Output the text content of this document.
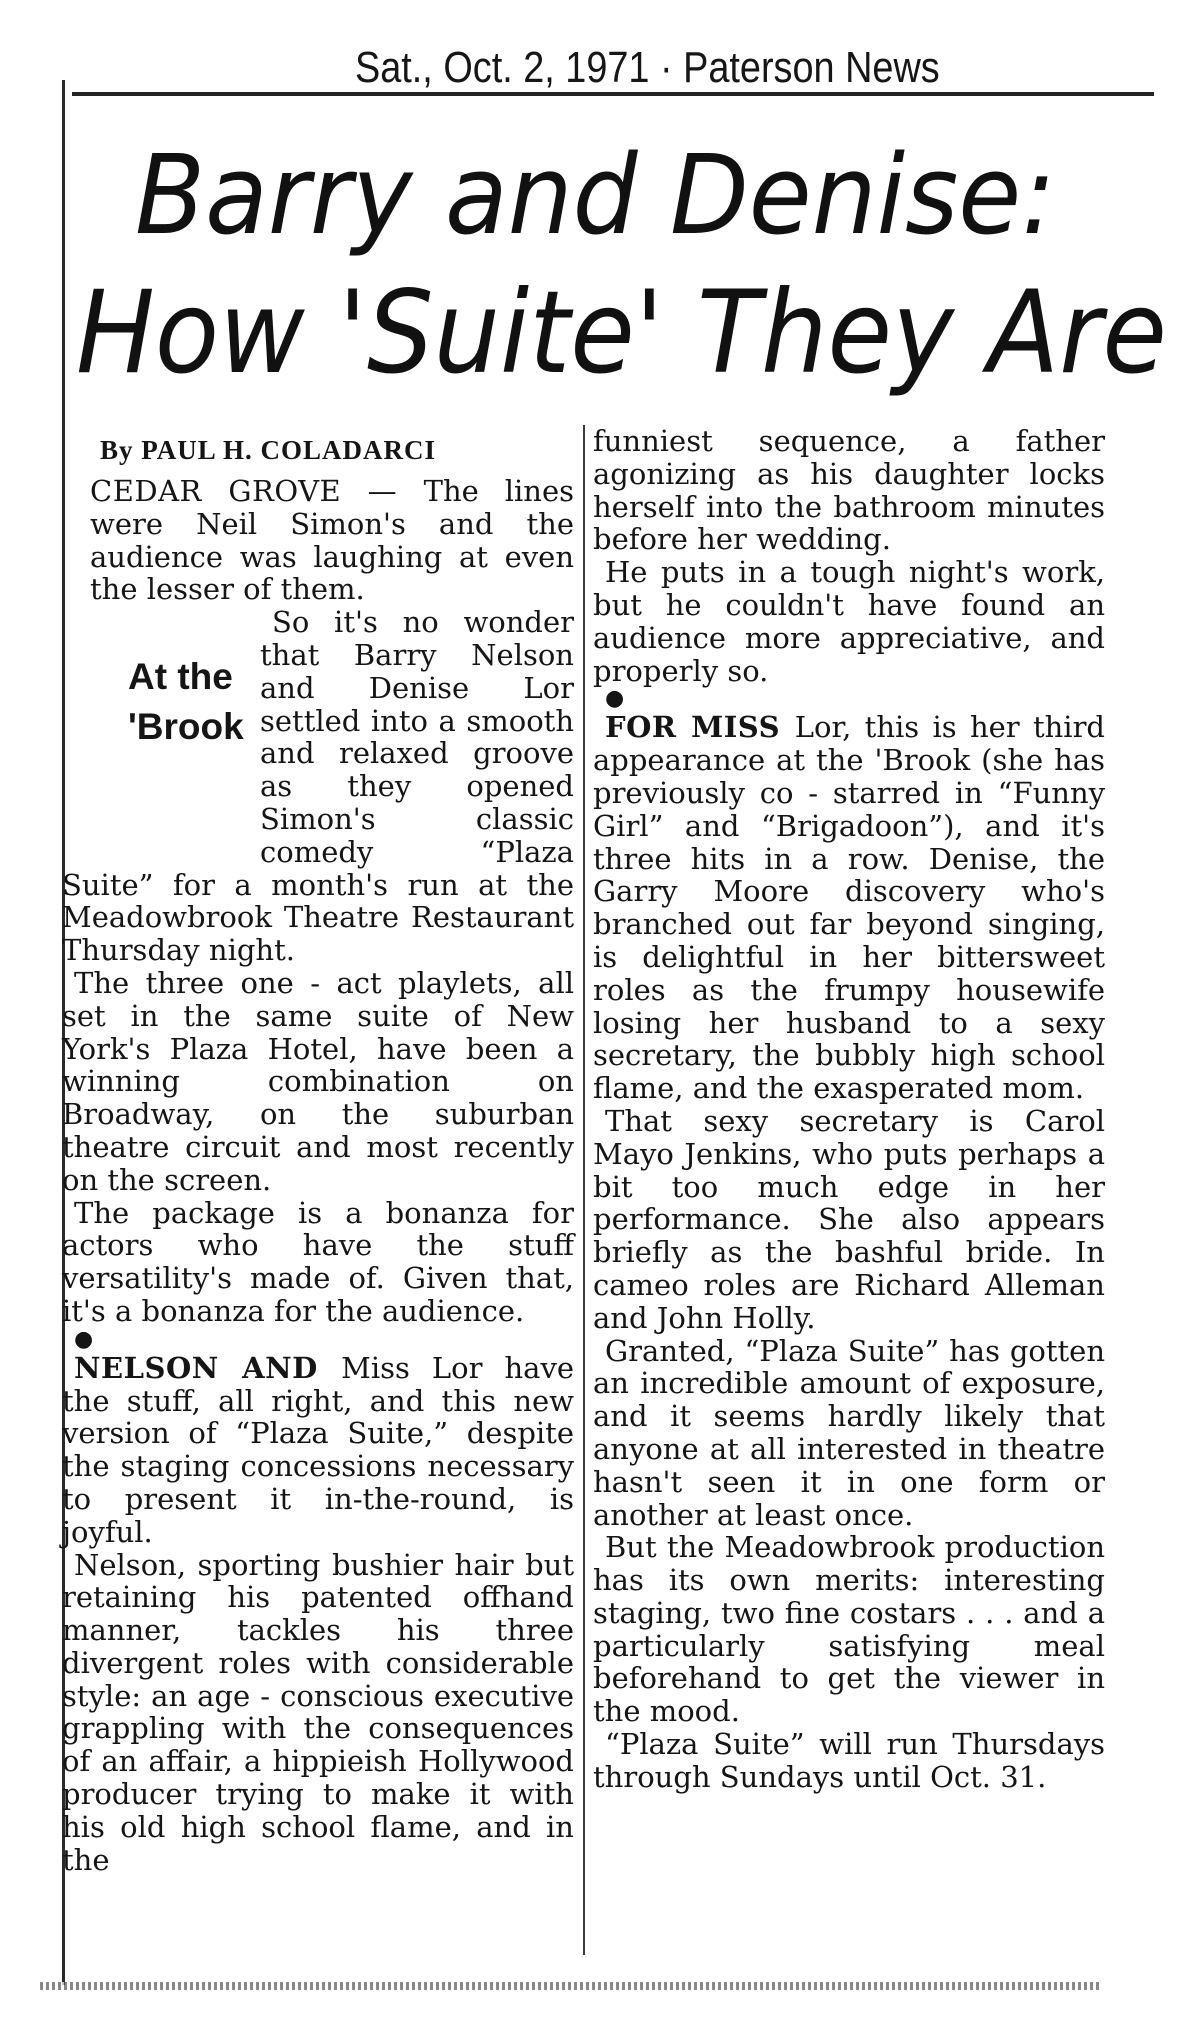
Sat., Oct. 2, 1971 · Paterson News
Barry and Denise:
How 'Suite' They Are
By PAUL H. COLADARCI

CEDAR GROVE — The lines were Neil Simon's and the audience was laughing at even the lesser of them.

At the
'Brook

So it's no wonder that Barry Nelson and Denise Lor settled into a smooth and relaxed groove as they opened Simon's classic comedy “Plaza Suite” for a month's run at the Meadowbrook Theatre Restaurant Thursday night.

The three one - act playlets, all set in the same suite of New York's Plaza Hotel, have been a winning combination on Broadway, on the suburban theatre circuit and most recently on the screen.

The package is a bonanza for actors who have the stuff versatility's made of. Given that, it's a bonanza for the audience.

●

NELSON AND Miss Lor have the stuff, all right, and this new version of “Plaza Suite,” despite the staging concessions necessary to present it in-the-round, is joyful.

Nelson, sporting bushier hair but retaining his patented offhand manner, tackles his three divergent roles with considerable style: an age - conscious executive grappling with the consequences of an affair, a hippieish Hollywood producer trying to make it with his old high school flame, and in the

funniest sequence, a father agonizing as his daughter locks herself into the bathroom minutes before her wedding.

He puts in a tough night's work, but he couldn't have found an audience more appreciative, and properly so.

●

FOR MISS Lor, this is her third appearance at the 'Brook (she has previously co - starred in “Funny Girl” and “Brigadoon”), and it's three hits in a row. Denise, the Garry Moore discovery who's branched out far beyond singing, is delightful in her bittersweet roles as the frumpy housewife losing her husband to a sexy secretary, the bubbly high school flame, and the exasperated mom.

That sexy secretary is Carol Mayo Jenkins, who puts perhaps a bit too much edge in her performance. She also appears briefly as the bashful bride. In cameo roles are Richard Alleman and John Holly.

Granted, “Plaza Suite” has gotten an incredible amount of exposure, and it seems hardly likely that anyone at all interested in theatre hasn't seen it in one form or another at least once.

But the Meadowbrook production has its own merits: interesting staging, two fine costars . . . and a particularly satisfying meal beforehand to get the viewer in the mood.

“Plaza Suite” will run Thursdays through Sundays until Oct. 31.
